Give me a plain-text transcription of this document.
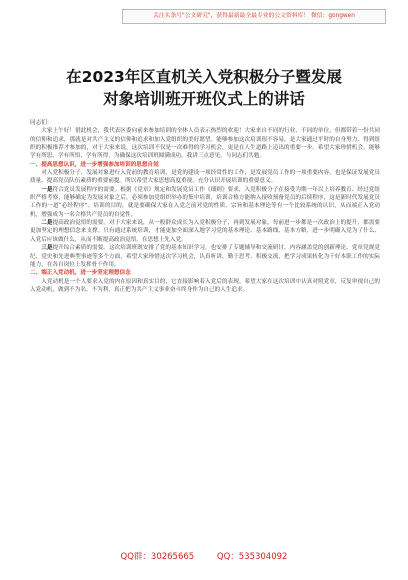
关注头条号"公文研究"，获得最新最全最专业的公文资料库！ 微信：gongwen
在2023年区直机关入党积极分子暨发展
对象培训班开班仪式上的讲话

同志们：

大家上午好！借此机会，我代表区委向前来参加培训的全体人员表示热烈的欢迎！大家来自不同的行业、不同的单位，但都带着一份共同的信仰和追求，那就是对共产主义的信仰和追求和加入党组织的美好愿望。能够参加这次培训很不容易，是大家通过平时的自身努力、得到组织的积极推荐才参加的，对于大家来说，这次培训不仅是一次难得的学习机会，更是在人生道路上迈出的重要一步。希望大家珍惜机会，能够学有所思、学有所悟、学有所得，为确保这次培训班圆满成功，我讲三点意见，与同志们共勉。

一、提高思想认识，进一步增强参加培训的思想自觉

对入党积极分子、发展对象进行入党前的教育培训，是党的建设一项经常性的工作，是发展党员工作的一项重要内容，也是保证发展党员质量、提高党员队伍素质的重要前提。所以希望大家思想高度重视，充分认识开展培训的重要意义。

一是符合党员发展程序的需要。根据《党章》规定和发展党员工作《细则》要求，入党积极分子在接受为期一年以上培养教育、经过党组织严格考察，能够确定为发展对象之后，必须参加党组织举办的集中培训，培训合格方能纳入接收预备党员的后续程序，这是新时代发展党员工作的一道“必经程序”。培训的目的，就是要确保大家在入党之前对党的性质、宗旨和基本理论等有一个比较系统的认识，从而端正入党动机，增强成为一名合格共产党员的自觉性。

二是提高政治觉悟的需要。对于大家来说，从一般群众成长为入党积极分子，再到发展对象，每前进一步都是一次政治上的提升，都需要更加坚定的理想信念来支撑。只有通过系统培训，才能更加全面深入地学习党的基本理论、基本路线、基本方略，进一步明确入党为了什么、入党后应该做什么，从而不断提高政治觉悟，在思想上先入党。

三是提升综合素质的需要。这次培训班既安排了党的基本知识学习，也安排了专题辅导和交流研讨，内容涵盖党的创新理论、党章党规党纪、党史和先进典型事迹等多个方面，希望大家珍惜这次学习机会，认真听讲、勤于思考、积极交流，把学习成果转化为干好本职工作的实际能力，在各自岗位上发挥骨干作用。

二、端正入党动机，进一步坚定理想信念

入党动机是一个人要求入党的内在原因和真实目的，它直接影响着入党后的表现。希望大家在这次培训中认真对照党章，反复审视自己的入党动机，做到不为名、不为利，真正把为共产主义事业奋斗终身作为自己的人生追求。

QQ群：30265665	QQ：535304092
